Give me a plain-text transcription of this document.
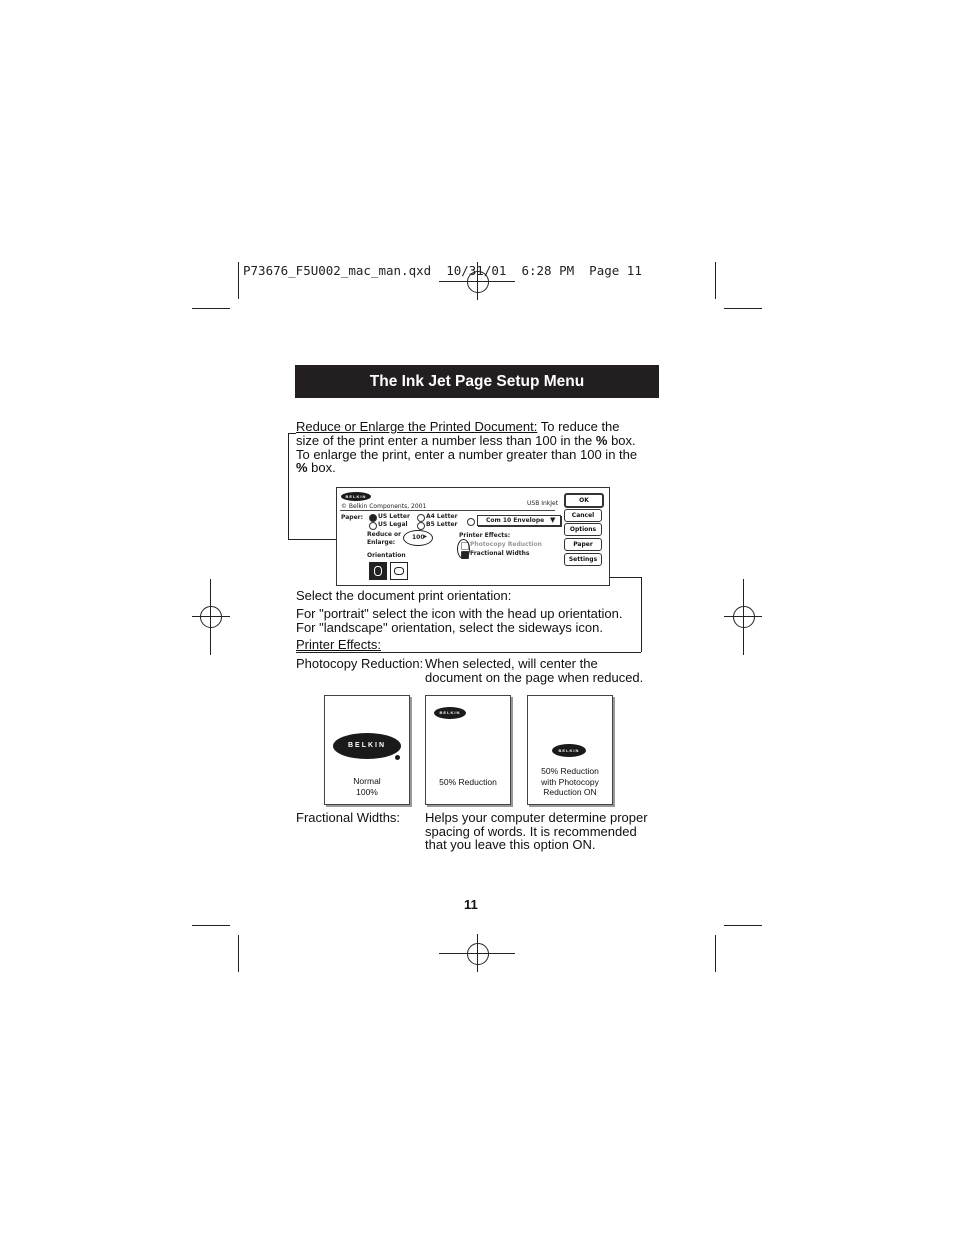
P73676_F5U002_mac_man.qxd  10/31/01  6:28 PM  Page 11
The Ink Jet Page Setup Menu
Reduce or Enlarge the Printed Document: To reduce the size of the print enter a number less than 100 in the % box. To enlarge the print, enter a number greater than 100 in the % box.
BELKIN
© Belkin Components, 2001	USB InkJet
Paper: US Letter	A4 Letter
US Legal	B5 Letter
Com 10 Envelope ▼
Reduce or
Enlarge:
100 ▸
Orientation
Printer Effects:
Photocopy Reduction
Fractional Widths
OK
Cancel
Options
Paper
Settings
Select the document print orientation:
For "portrait" select the icon with the head up orientation.
For "landscape" orientation, select the sideways icon.
Printer Effects:
Photocopy Reduction: When selected, will center the
document on the page when reduced.
BELKIN
Normal
100%
BELKIN
50% Reduction
BELKIN
50% Reduction
with Photocopy
Reduction ON
Fractional Widths: Helps your computer determine proper
spacing of words. It is recommended
that you leave this option ON.
11
